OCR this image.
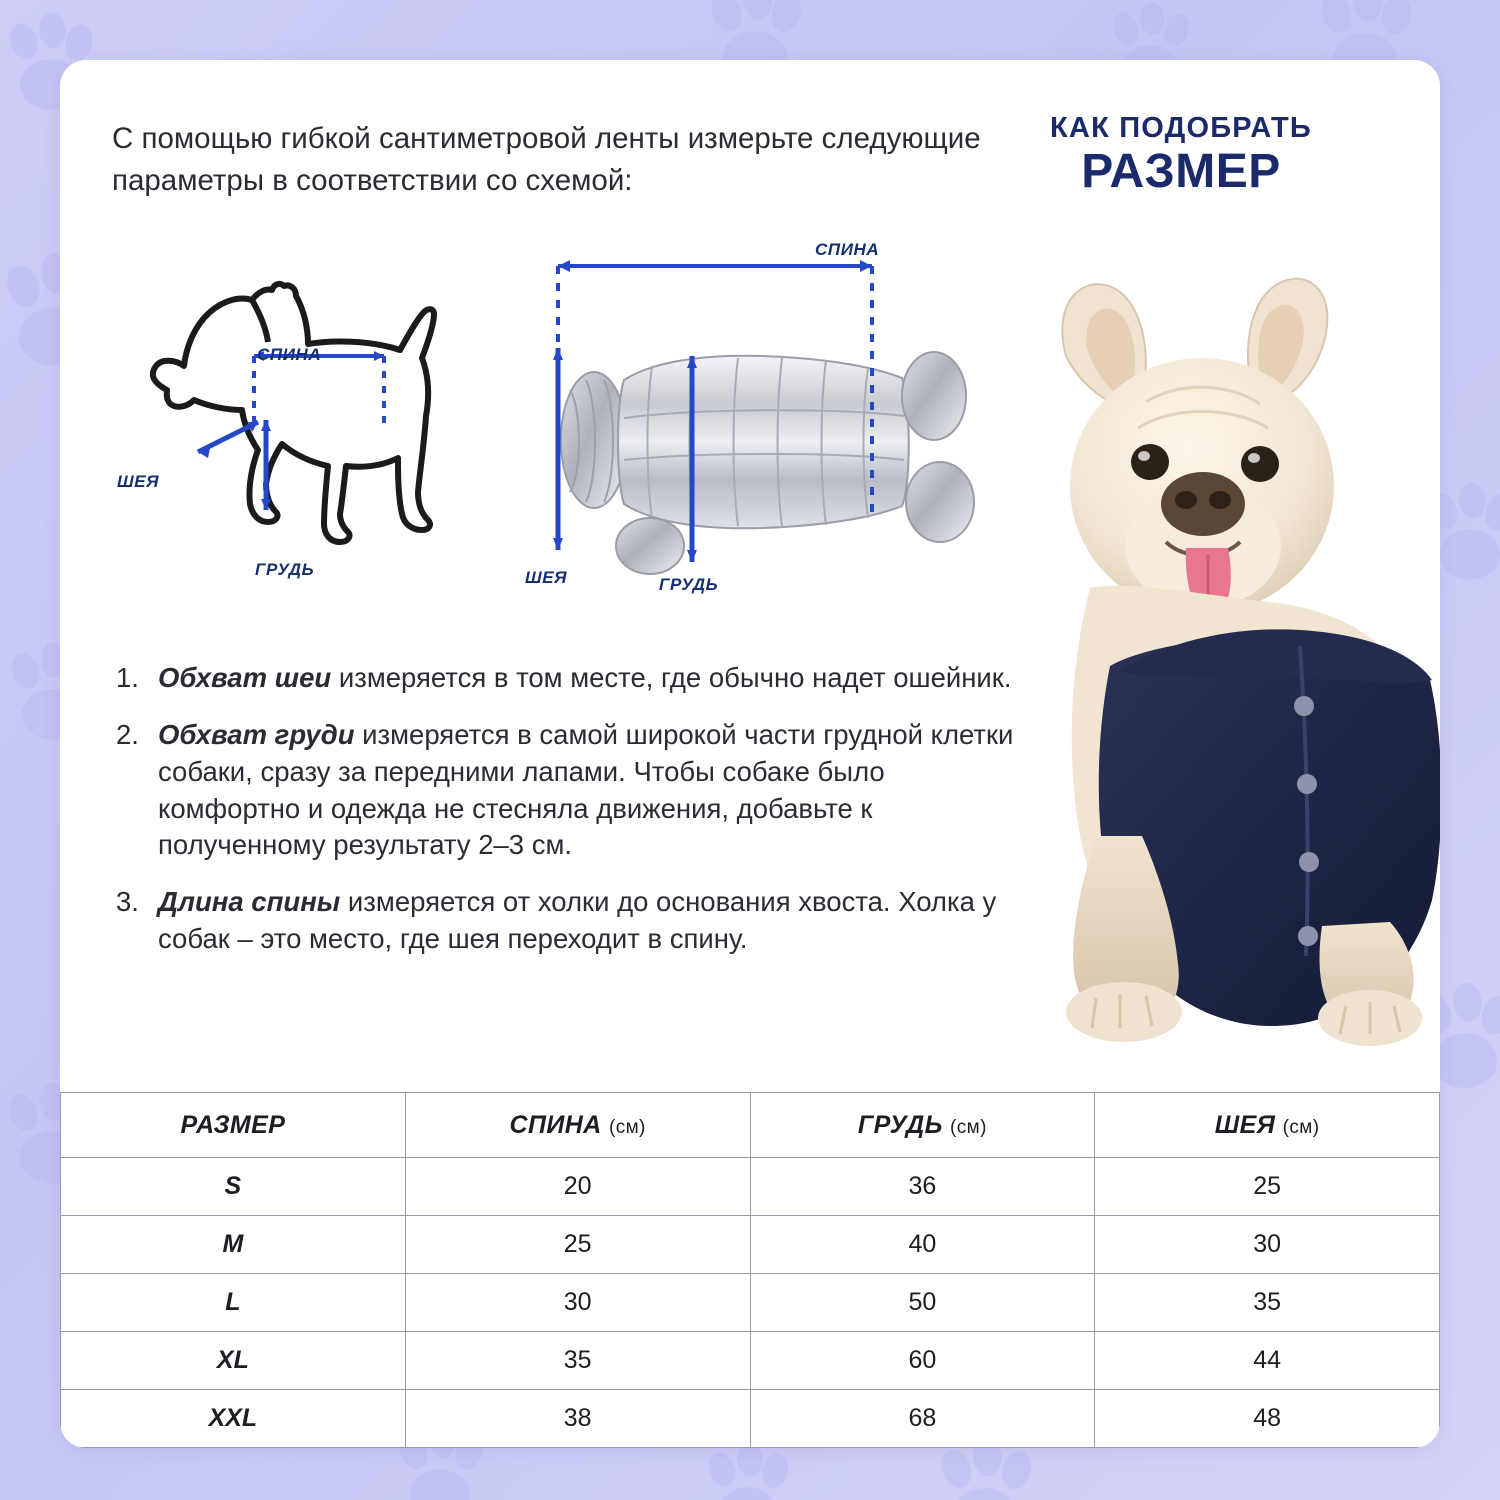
С помощью гибкой сантиметровой ленты измерьте следующие параметры в соответствии со схемой:
КАК ПОДОБРАТЬ
РАЗМЕР
СПИНА
ШЕЯ
ГРУДЬ
СПИНА
ШЕЯ	ГРУДЬ
1. Обхват шеи измеряется в том месте, где обычно надет ошейник.
2. Обхват груди измеряется в самой широкой части грудной клетки собаки, сразу за передними лапами. Чтобы собаке было комфортно и одежда не стесняла движения, добавьте к полученному результату 2–3 см.
3. Длина спины измеряется от холки до основания хвоста. Холка у собак – это место, где шея переходит в спину.
РАЗМЕР	СПИНА (см)	ГРУДЬ (см)	ШЕЯ (см)
S	20	36	25
M	25	40	30
L	30	50	35
XL	35	60	44
XXL	38	68	48
